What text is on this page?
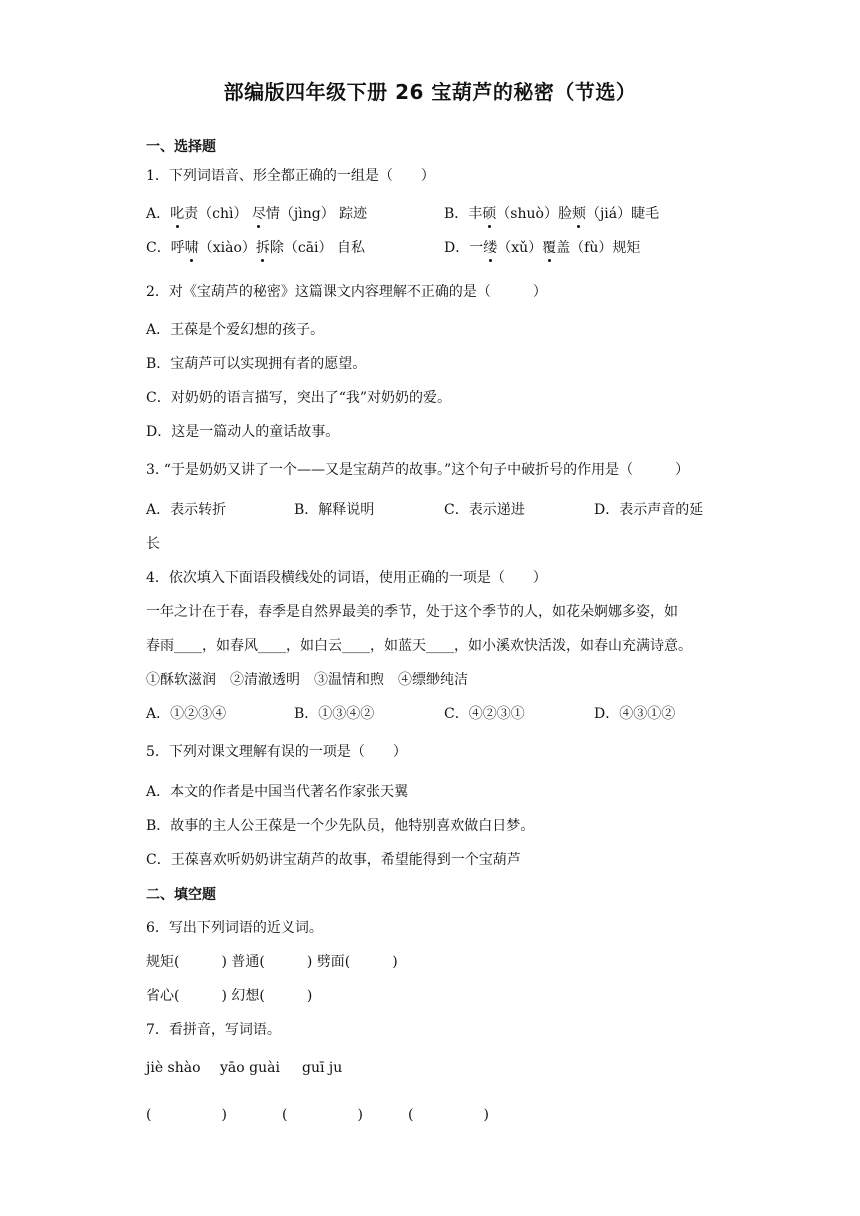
部编版四年级下册 26 宝葫芦的秘密（节选）
一、选择题
1．下列词语音、形全都正确的一组是（　　）
A．叱责（chì） 尽情（jìng） 踪迹	B．丰硕（shuò）脸颊（jiá）睫毛
C．呼啸（xiào）拆除（cāi） 自私	D．一缕（xǔ）覆盖（fù）规矩
2．对《宝葫芦的秘密》这篇课文内容理解不正确的是（　　　）
A．王葆是个爱幻想的孩子。
B．宝葫芦可以实现拥有者的愿望。
C．对奶奶的语言描写，突出了“我”对奶奶的爱。
D．这是一篇动人的童话故事。
3. “于是奶奶又讲了一个——又是宝葫芦的故事。”这个句子中破折号的作用是（　　　）
A．表示转折	B．解释说明	C．表示递进	D．表示声音的延
长
4．依次填入下面语段横线处的词语，使用正确的一项是（　　）
一年之计在于春，春季是自然界最美的季节，处于这个季节的人，如花朵婀娜多姿，如
春雨____，如春风____，如白云____，如蓝天____，如小溪欢快活泼，如春山充满诗意。
①酥软滋润　②清澈透明　③温情和煦　④缥缈纯洁
A．①②③④	B．①③④②	C．④②③①	D．④③①②
5．下列对课文理解有误的一项是（　　）
A．本文的作者是中国当代著名作家张天翼
B．故事的主人公王葆是一个少先队员，他特别喜欢做白日梦。
C．王葆喜欢听奶奶讲宝葫芦的故事，希望能得到一个宝葫芦
二、填空题
6．写出下列词语的近义词。
规矩(　　　) 普通(　　　) 劈面(　　　)
省心(　　　) 幻想(　　　)
7．看拼音，写词语。
jiè shào yāo guài guī ju
(　　　　　)	(　　　　　)	(　　　　　)
